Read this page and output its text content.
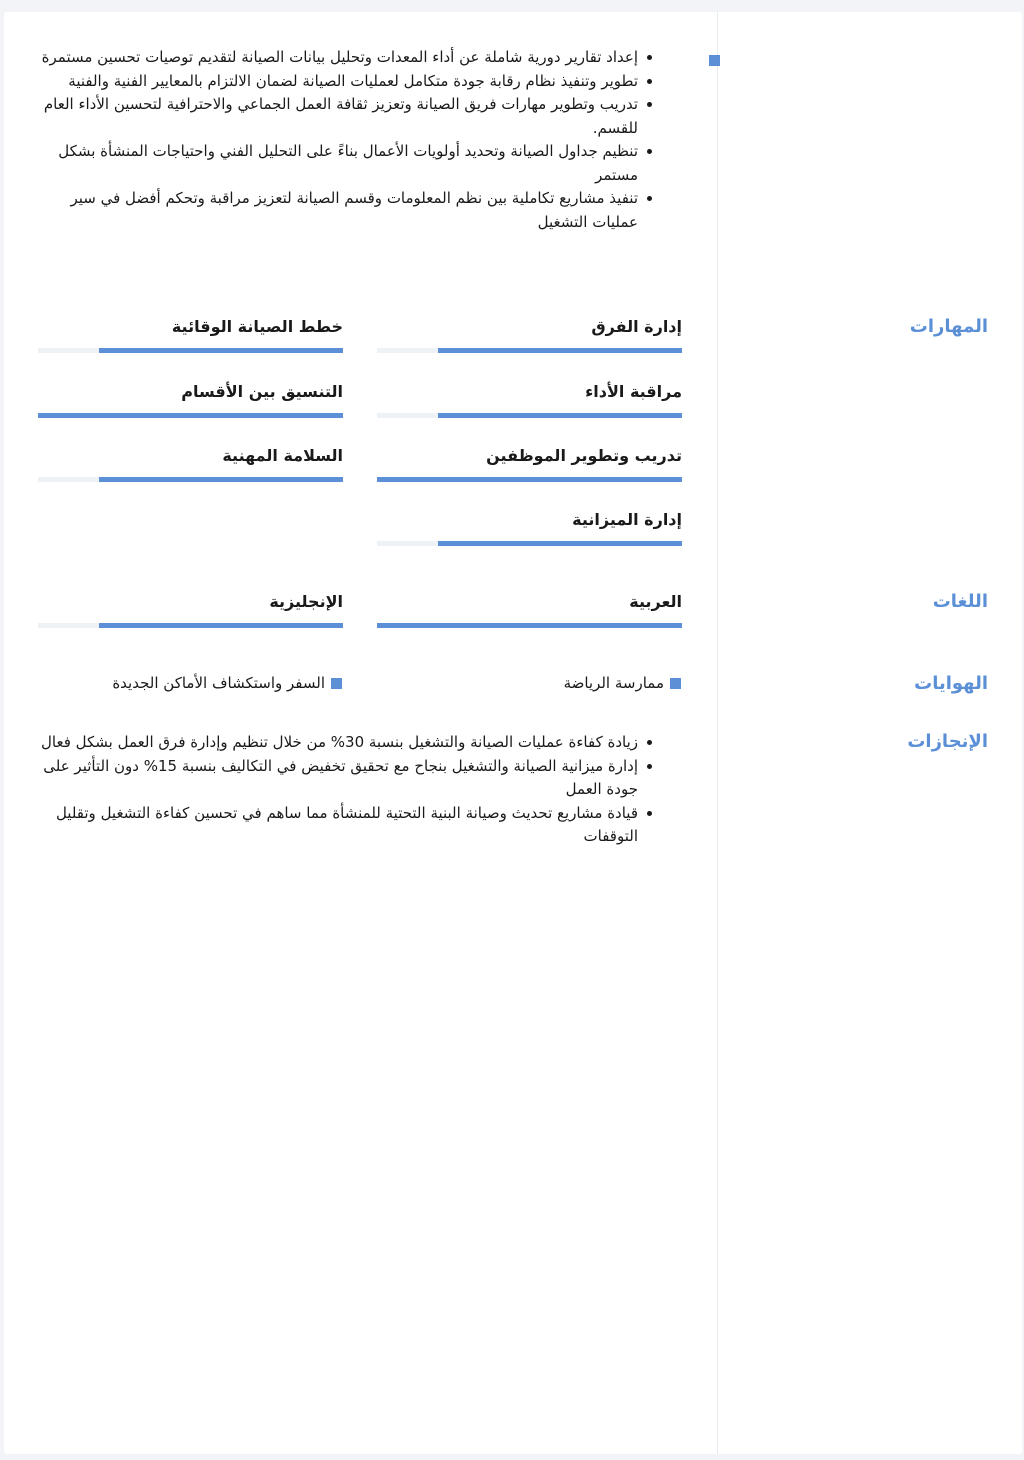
إعداد تقارير دورية شاملة عن أداء المعدات وتحليل بيانات الصيانة لتقديم توصيات تحسين مستمرة
تطوير وتنفيذ نظام رقابة جودة متكامل لعمليات الصيانة لضمان الالتزام بالمعايير الفنية والفنية
تدريب وتطوير مهارات فريق الصيانة وتعزيز ثقافة العمل الجماعي والاحترافية لتحسين الأداء العام للقسم.
تنظيم جداول الصيانة وتحديد أولويات الأعمال بناءً على التحليل الفني واحتياجات المنشأة بشكل مستمر
تنفيذ مشاريع تكاملية بين نظم المعلومات وقسم الصيانة لتعزيز مراقبة وتحكم أفضل في سير عمليات التشغيل
المهارات
إدارة الفرق
خطط الصيانة الوقائية
مراقبة الأداء
التنسيق بين الأقسام
تدريب وتطوير الموظفين
السلامة المهنية
إدارة الميزانية
اللغات
العربية
الإنجليزية
الهوايات
ممارسة الرياضة
السفر واستكشاف الأماكن الجديدة
الإنجازات
زيادة كفاءة عمليات الصيانة والتشغيل بنسبة 30% من خلال تنظيم وإدارة فرق العمل بشكل فعال
إدارة ميزانية الصيانة والتشغيل بنجاح مع تحقيق تخفيض في التكاليف بنسبة 15% دون التأثير على جودة العمل
قيادة مشاريع تحديث وصيانة البنية التحتية للمنشأة مما ساهم في تحسين كفاءة التشغيل وتقليل التوقفات
